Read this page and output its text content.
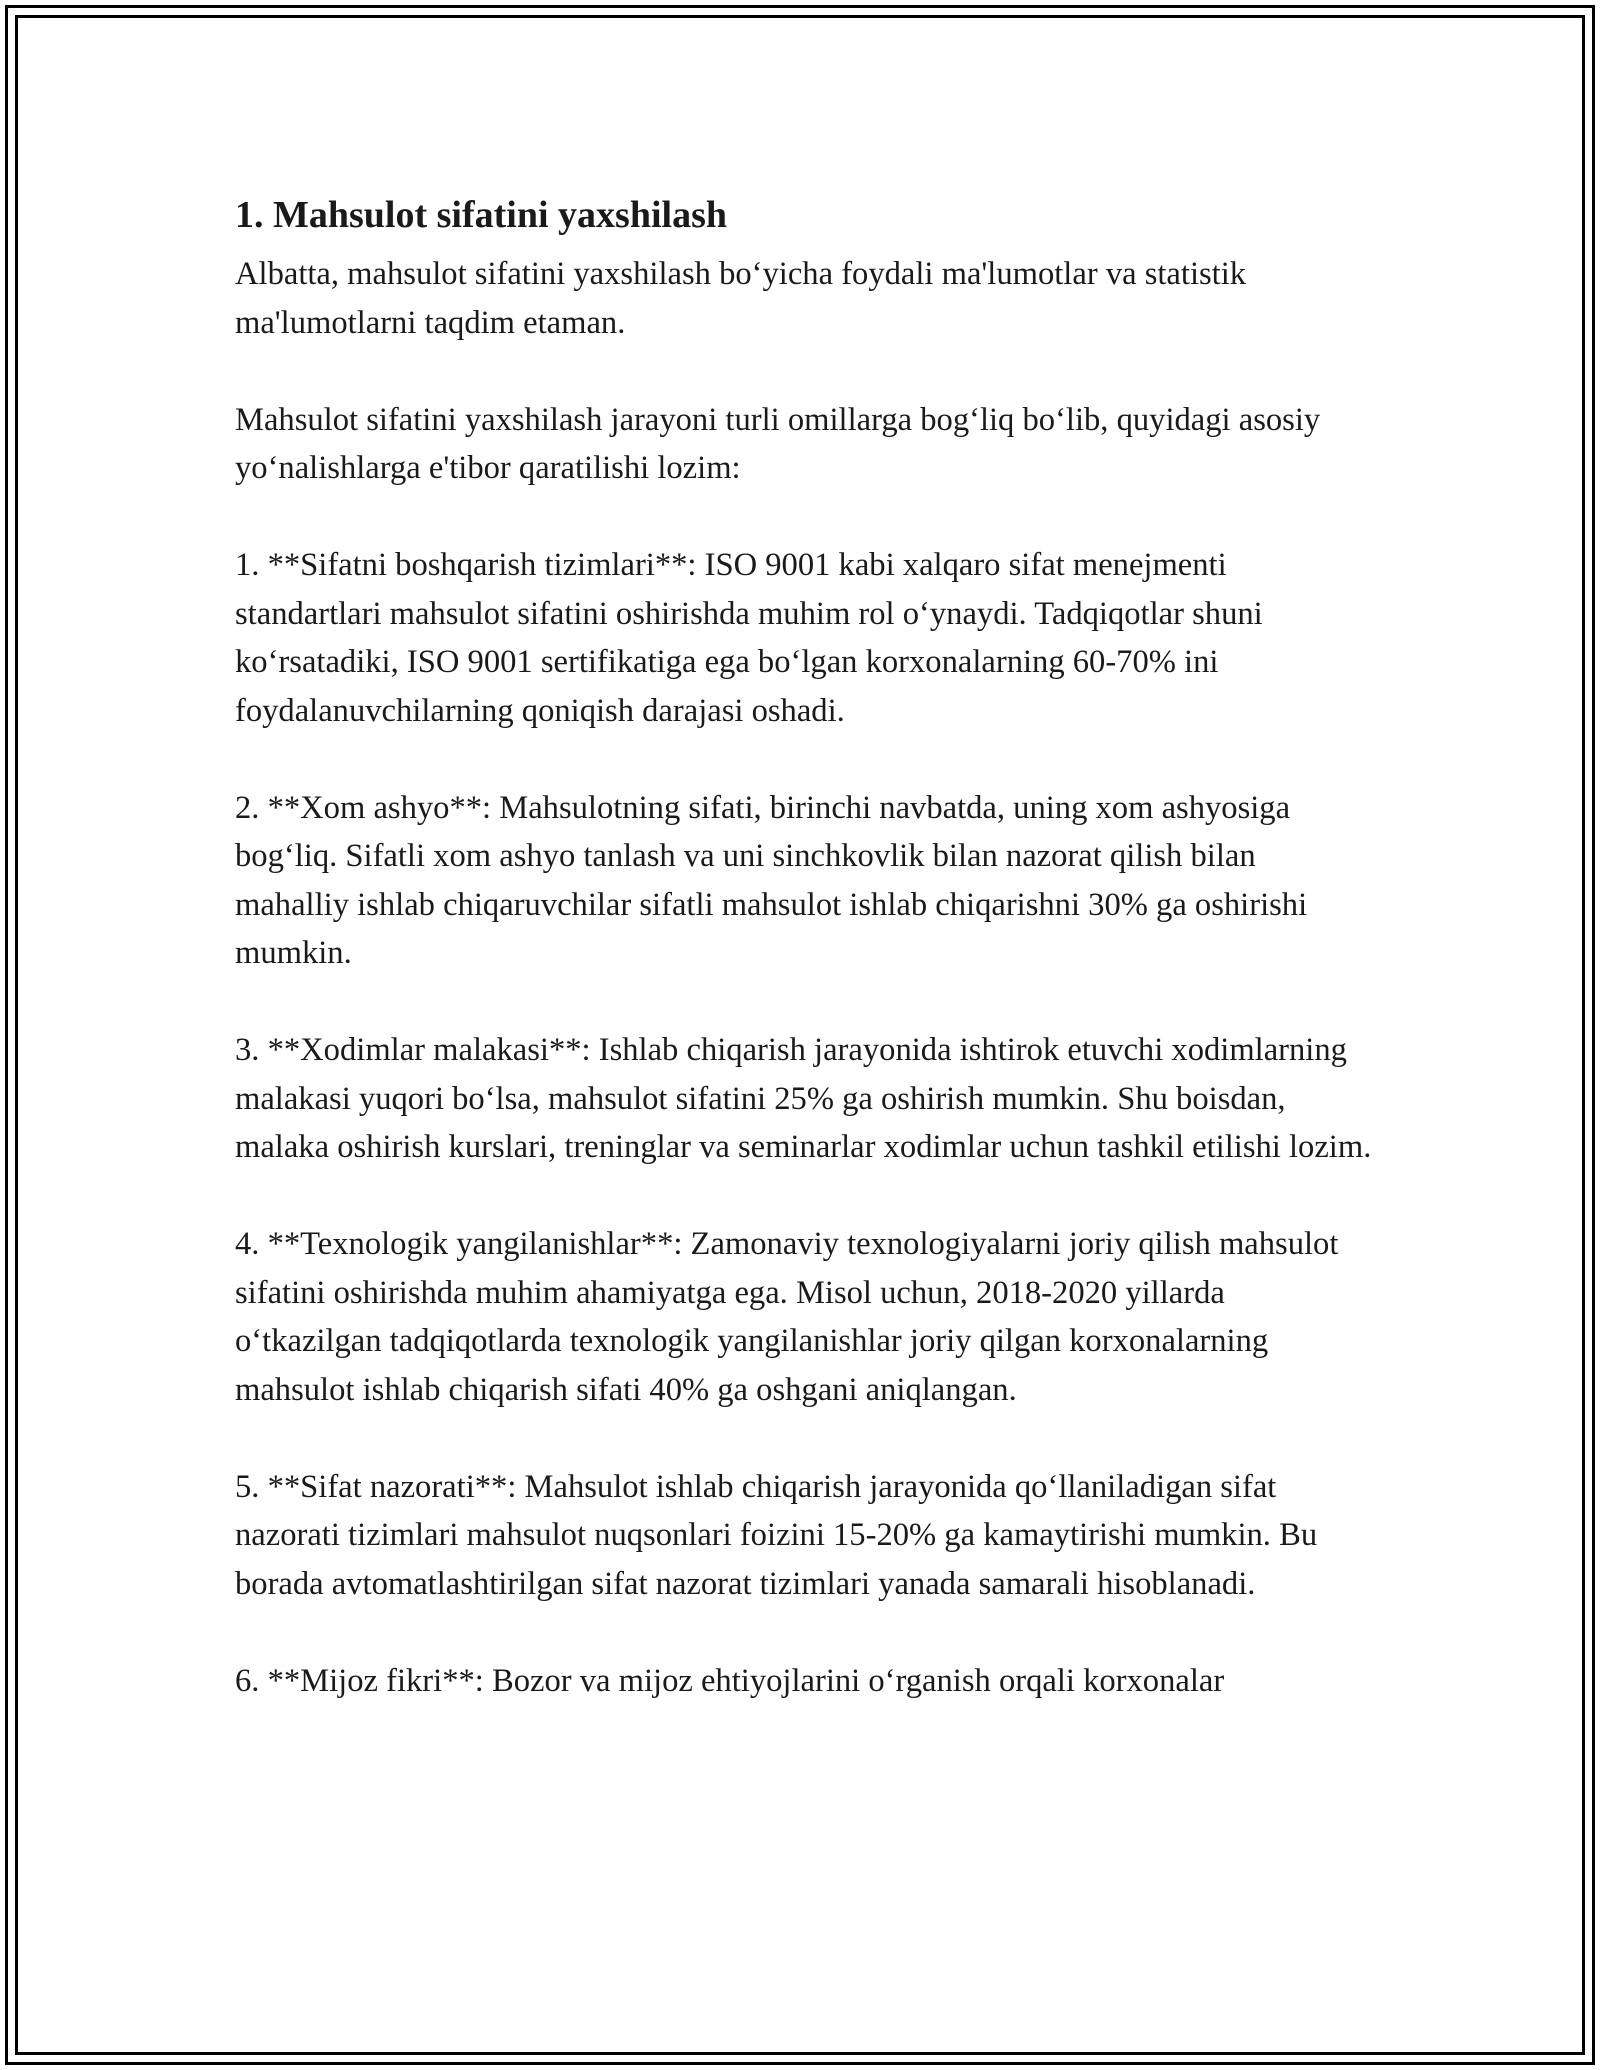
1. Mahsulot sifatini yaxshilash

Albatta, mahsulot sifatini yaxshilash bo‘yicha foydali ma'lumotlar va statistik ma'lumotlarni taqdim etaman.

Mahsulot sifatini yaxshilash jarayoni turli omillarga bog‘liq bo‘lib, quyidagi asosiy yo‘nalishlarga e'tibor qaratilishi lozim:

1. **Sifatni boshqarish tizimlari**: ISO 9001 kabi xalqaro sifat menejmenti standartlari mahsulot sifatini oshirishda muhim rol o‘ynaydi. Tadqiqotlar shuni ko‘rsatadiki, ISO 9001 sertifikatiga ega bo‘lgan korxonalarning 60-70% ini foydalanuvchilarning qoniqish darajasi oshadi.

2. **Xom ashyo**: Mahsulotning sifati, birinchi navbatda, uning xom ashyosiga bog‘liq. Sifatli xom ashyo tanlash va uni sinchkovlik bilan nazorat qilish bilan mahalliy ishlab chiqaruvchilar sifatli mahsulot ishlab chiqarishni 30% ga oshirishi mumkin.

3. **Xodimlar malakasi**: Ishlab chiqarish jarayonida ishtirok etuvchi xodimlarning malakasi yuqori bo‘lsa, mahsulot sifatini 25% ga oshirish mumkin. Shu boisdan, malaka oshirish kurslari, treninglar va seminarlar xodimlar uchun tashkil etilishi lozim.

4. **Texnologik yangilanishlar**: Zamonaviy texnologiyalarni joriy qilish mahsulot sifatini oshirishda muhim ahamiyatga ega. Misol uchun, 2018-2020 yillarda o‘tkazilgan tadqiqotlarda texnologik yangilanishlar joriy qilgan korxonalarning mahsulot ishlab chiqarish sifati 40% ga oshgani aniqlangan.

5. **Sifat nazorati**: Mahsulot ishlab chiqarish jarayonida qo‘llaniladigan sifat nazorati tizimlari mahsulot nuqsonlari foizini 15-20% ga kamaytirishi mumkin. Bu borada avtomatlashtirilgan sifat nazorat tizimlari yanada samarali hisoblanadi.

6. **Mijoz fikri**: Bozor va mijoz ehtiyojlarini o‘rganish orqali korxonalar
